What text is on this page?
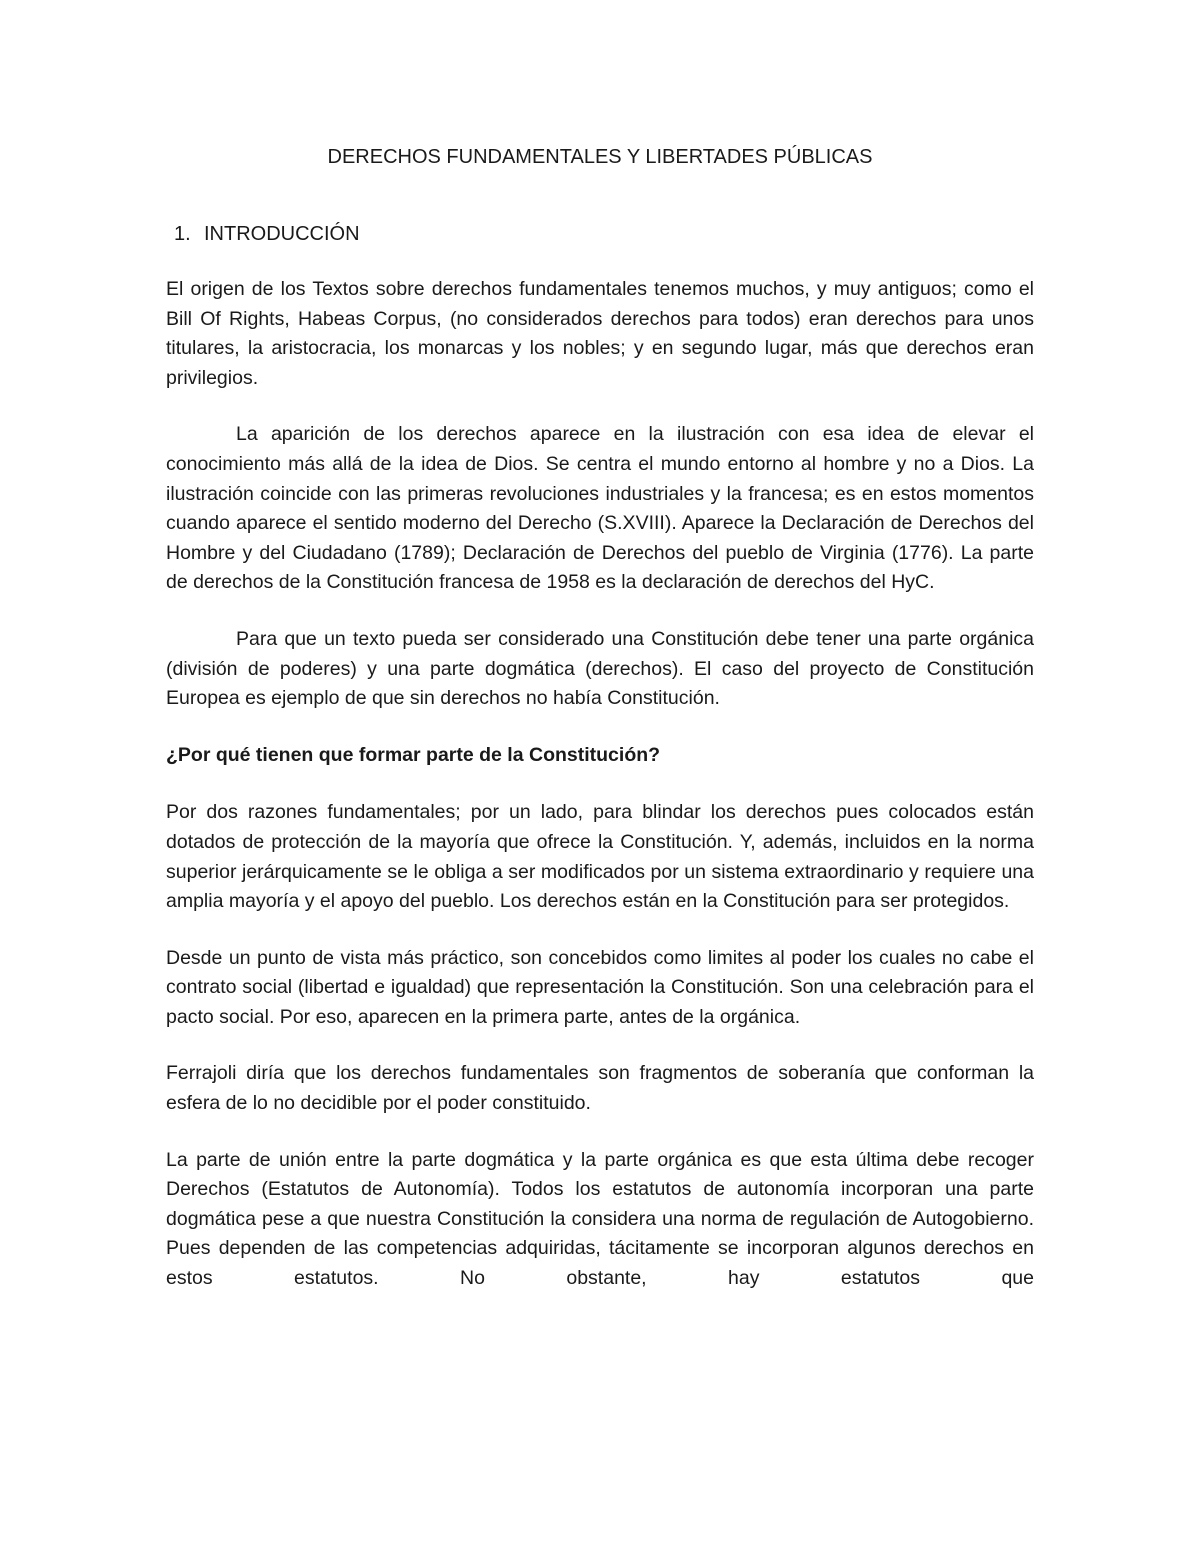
DERECHOS FUNDAMENTALES Y LIBERTADES PÚBLICAS
1. INTRODUCCIÓN

El origen de los Textos sobre derechos fundamentales tenemos muchos, y muy antiguos; como el Bill Of Rights, Habeas Corpus, (no considerados derechos para todos) eran derechos para unos titulares, la aristocracia, los monarcas y los nobles; y en segundo lugar, más que derechos eran privilegios.

La aparición de los derechos aparece en la ilustración con esa idea de elevar el conocimiento más allá de la idea de Dios. Se centra el mundo entorno al hombre y no a Dios. La ilustración coincide con las primeras revoluciones industriales y la francesa; es en estos momentos cuando aparece el sentido moderno del Derecho (S.XVIII). Aparece la Declaración de Derechos del Hombre y del Ciudadano (1789); Declaración de Derechos del pueblo de Virginia (1776). La parte de derechos de la Constitución francesa de 1958 es la declaración de derechos del HyC.

Para que un texto pueda ser considerado una Constitución debe tener una parte orgánica (división de poderes) y una parte dogmática (derechos). El caso del proyecto de Constitución Europea es ejemplo de que sin derechos no había Constitución.

¿Por qué tienen que formar parte de la Constitución?

Por dos razones fundamentales; por un lado, para blindar los derechos pues colocados están dotados de protección de la mayoría que ofrece la Constitución. Y, además, incluidos en la norma superior jerárquicamente se le obliga a ser modificados por un sistema extraordinario y requiere una amplia mayoría y el apoyo del pueblo. Los derechos están en la Constitución para ser protegidos.

Desde un punto de vista más práctico, son concebidos como limites al poder los cuales no cabe el contrato social (libertad e igualdad) que representación la Constitución. Son una celebración para el pacto social. Por eso, aparecen en la primera parte, antes de la orgánica.

Ferrajoli diría que los derechos fundamentales son fragmentos de soberanía que conforman la esfera de lo no decidible por el poder constituido.

La parte de unión entre la parte dogmática y la parte orgánica es que esta última debe recoger Derechos (Estatutos de Autonomía). Todos los estatutos de autonomía incorporan una parte dogmática pese a que nuestra Constitución la considera una norma de regulación de Autogobierno. Pues dependen de las competencias adquiridas, tácitamente se incorporan algunos derechos en estos estatutos. No obstante, hay estatutos que
